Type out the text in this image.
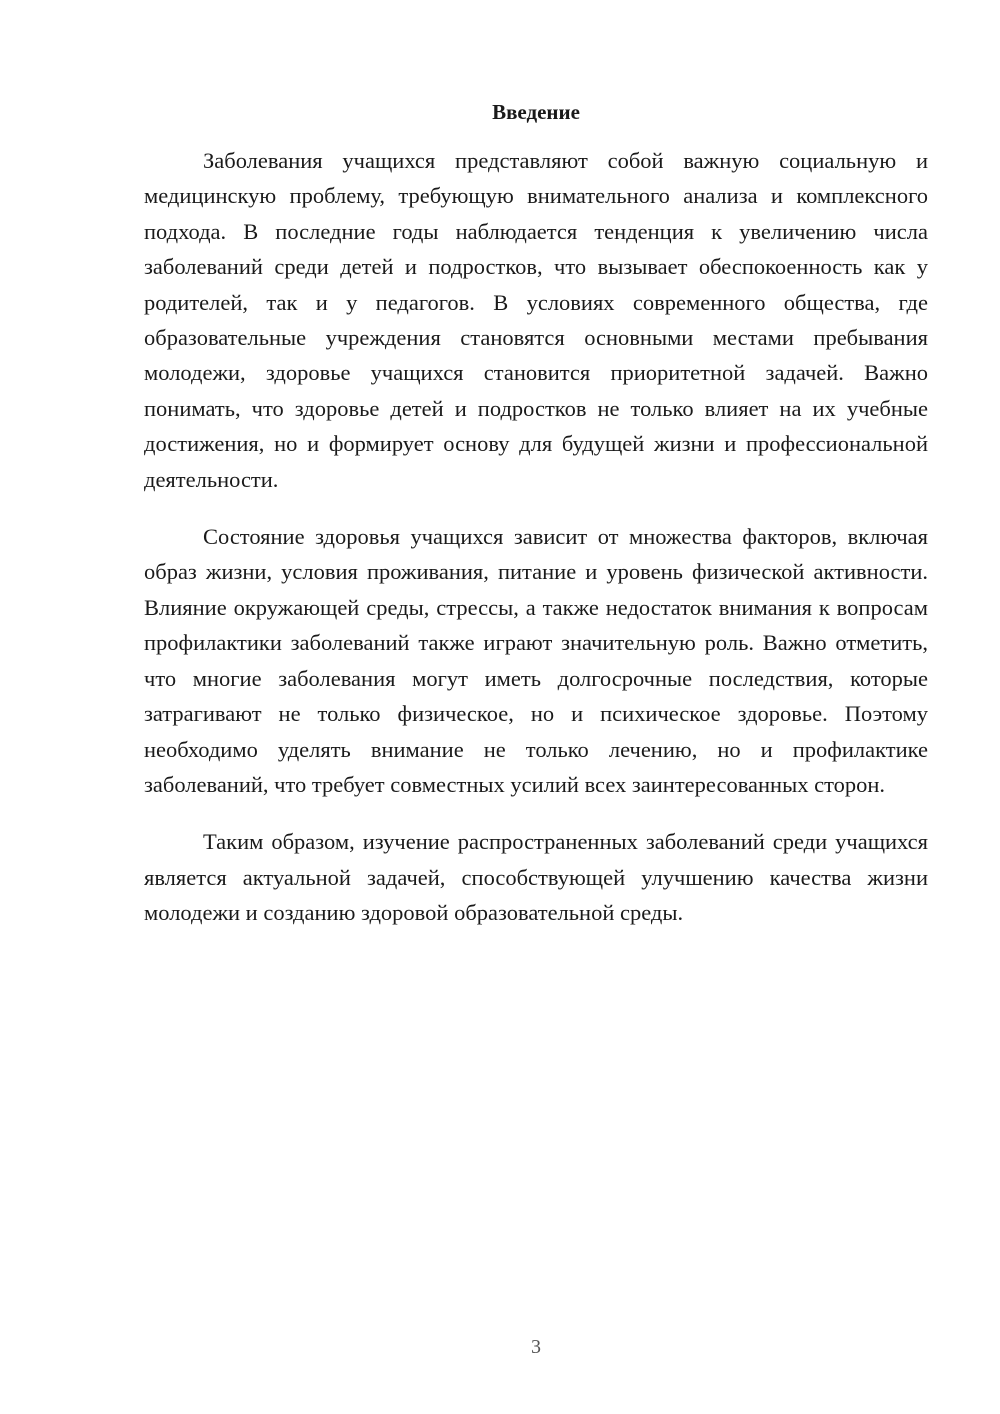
Введение

Заболевания учащихся представляют собой важную социальную и медицинскую проблему, требующую внимательного анализа и комплексного подхода. В последние годы наблюдается тенденция к увеличению числа заболеваний среди детей и подростков, что вызывает обеспокоенность как у родителей, так и у педагогов. В условиях современного общества, где образовательные учреждения становятся основными местами пребывания молодежи, здоровье учащихся становится приоритетной задачей. Важно понимать, что здоровье детей и подростков не только влияет на их учебные достижения, но и формирует основу для будущей жизни и профессиональной деятельности.

Состояние здоровья учащихся зависит от множества факторов, включая образ жизни, условия проживания, питание и уровень физической активности. Влияние окружающей среды, стрессы, а также недостаток внимания к вопросам профилактики заболеваний также играют значительную роль. Важно отметить, что многие заболевания могут иметь долгосрочные последствия, которые затрагивают не только физическое, но и психическое здоровье. Поэтому необходимо уделять внимание не только лечению, но и профилактике заболеваний, что требует совместных усилий всех заинтересованных сторон.

Таким образом, изучение распространенных заболеваний среди учащихся является актуальной задачей, способствующей улучшению качества жизни молодежи и созданию здоровой образовательной среды.

3
